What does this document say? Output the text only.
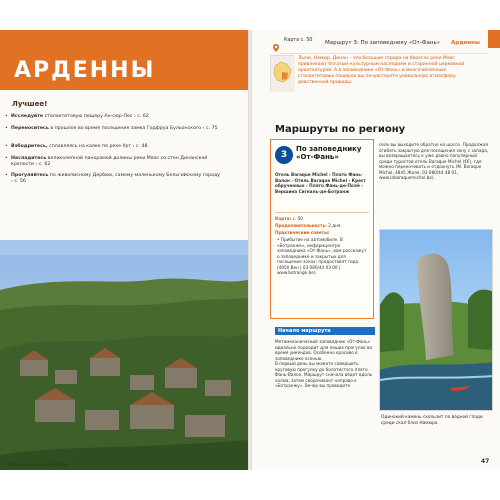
АРДЕННЫ
Лучшее!
• Исследуйте сталактитовую пещеру Ан-сюр-Лес › с. 62
• Переноситесь в прошлое во время посещения замка Годфруа Бульонского › с. 75
• Взбодритесь, сплавляясь на каяке по реке Урт › с. 48
• Насладитесь великолепной панорамой долины реки Маас со стен Динанской крепости › с. 62
• Прогуляйтесь по живописному Дербюи, самому маленькому Бельгийскому городу › с. 56
Панорама города Дербюи
Карта с. 50	Маршрут 3: По заповеднику «От-Фань»	Арденны
Льеж, Намюр, Динан – эти большие города на берегах реки Маас привлекают богатым культурным наследием и старинной церковной архитектурой. А в заповеднике «От-Фань» и многочисленных сталактитовых пещерах вы почувствуете уникальную атмосферу девственной природы.
Маршруты по региону
3
По заповеднику «От-Фань»
Отель Baraque Michel › Плато Фань-Валон › Отель Baraque Michel › Крест обрученных › Плато Фань-де-Полё › Вершина Сигналь-де-Ботранж
Карта: с. 50
Продолжительность: 2 дня
Практические советы:
• Прибытие на автомобиле. В «Ботранже», информцентре заповедника «От-Фань», вам расскажут о заповеднике и закрытых для посещения зонах; предоставят гида (4950 Вен | 03 080/44 03 00 | www.botrange.be).
Начало маршрута
Метамеханический заповедник «От-Фань» идеально подходит для пеших прогулок во время уикендов. Особенно красиво в заповеднике осенью.
В первый день вы можете совершить круговую прогулку до болотистого плато Фань-Валон. Маршрут сначала ведет вдоль холма, затем сворачивает направо к «Ботранжу». Вечер вы проводите
селе вы выходите обратно на шоссе. Продолжая огибать закрытую для посещения зону с запада, вы возвращаетесь к уже давно популярный среди туристов отель Baraque Michel (€€), где можно переночевать и отдохнуть (M. Baraque Michel, 4845 Жале, 03 080/44 48 01, www.labaraquemichel.be).
Одинокий камень скользит по водной глади среди скал близ Намюра
47
